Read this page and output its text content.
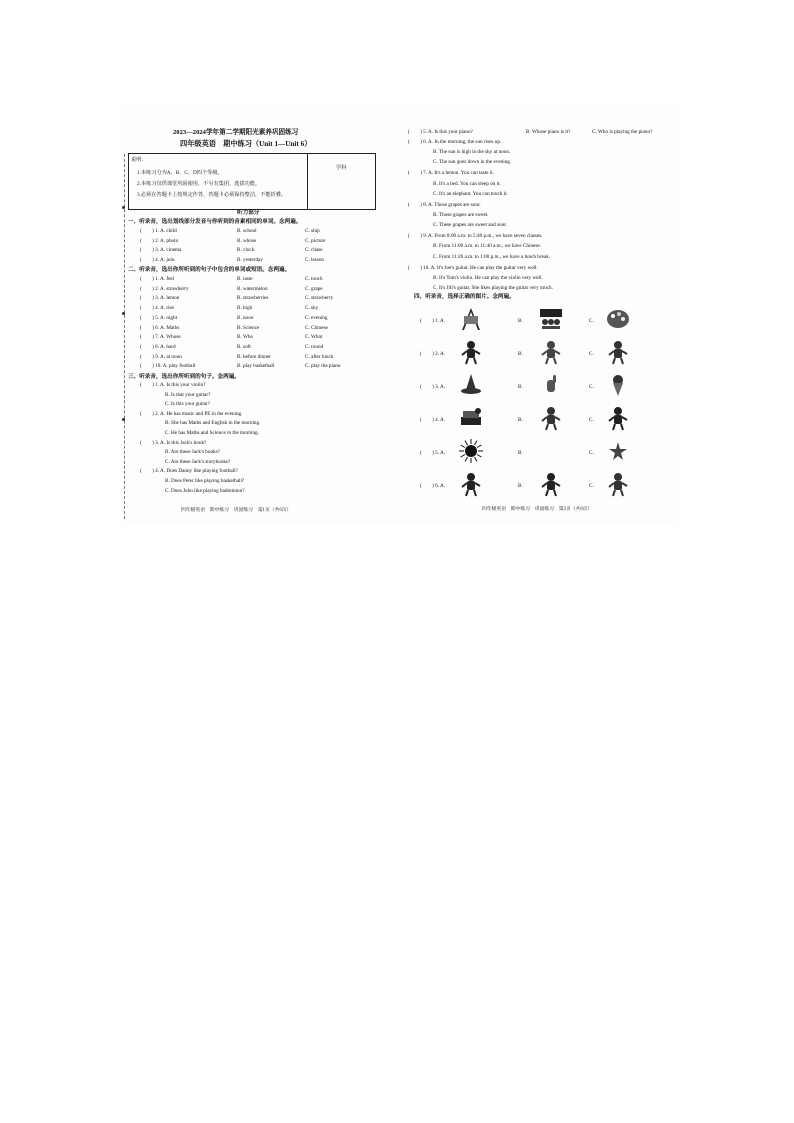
2023—2024学年第二学期阳光素养巩固练习
四年级英语　期中练习（Unit 1—Unit 6）
说明：
1.本练习分为A、B、C、D四个等级。
2.本练习仅供课堂巩固使用，不另有集团，选拔功能。
3.必须在答题卡上按规定作答，答题卡必须保持整洁，不能折叠。
学科
听力部分
一、听录音，选出划线部分发音与你听到的音素相同的单词。念两遍。
(　　) 1. A. child	B. school	C. ship
(　　) 2. A. photo	B. whose	C. picture
(　　) 3. A. cinema	B. clock	C. chase
(　　) 4. A. join	B. yesterday	C. lesson
二、听录音，选出你所听到的句子中包含的单词或短语。念两遍。
(　　) 1. A. feel	B. taste	C. touch
(　　) 2. A. strawberry	B. watermelon	C. grape
(　　) 3. A. lemon	B. strawberries	C. strawberry
(　　) 4. A. rise	B. high	C. sky
(　　) 5. A. night	B. noon	C. evening
(　　) 6. A. Maths	B. Science	C. Chinese
(　　) 7. A. Whose	B. Who	C. What
(　　) 8. A. hard	B. soft	C. round
(　　) 9. A. at noon	B. before dinner	C. after lunch
(　　) 10. A. play football	B. play basketball	C. play the piano
三、听录音，选出你所听到的句子。念两遍。
(　　) 1. A. Is this your violin?
B. Is that your guitar?
C. Is this your guitar?
(　　) 2. A. He has music and PE in the evening.
B. She has Maths and English in the morning.
C. He has Maths and Science in the morning.
(　　) 3. A. Is this Jack's book?
B. Are these Jack's books?
C. Are these Jack's storybooks?
(　　) 4. A. Does Danny like playing football?
B. Does Peter like playing basketball?
C. Does John like playing badminton?
四年级英语　期中练习　巩固练习　第1页（共6页）
(　　) 5. A. Is this your piano?	B. Whose piano is it?	C. Who is playing the piano?
(　　) 6. A. In the morning, the sun rises up.
B. The sun is high in the sky at noon.
C. The sun goes down in the evening.
(　　) 7. A. It's a lemon. You can taste it.
B. It's a bed. You can sleep on it.
C. It's an elephant. You can touch it.
(　　) 8. A. Those grapes are sour.
B. Those grapes are sweet.
C. These grapes are sweet and sour.
(　　) 9. A. From 8:00 a.m. to 5:40 p.m., we have seven classes.
B. From 11:00 a.m. to 11:40 a.m., we have Chinese.
C. From 11:20 a.m. to 1:00 p.m., we have a lunch break.
(　　) 10. A. It's Joe's guitar. He can play the guitar very well.
B. It's Tom's violin. He can play the violin very well.
C. It's Jill's guitar. She likes playing the guitar very much.
四、听录音，选择正确的图片。念两遍。
(　　) 1. A.	B.	C.
(　　) 2. A.	B.	C.
(　　) 3. A.	B.	C.
(　　) 4. A.	B.	C.
(　　) 5. A.	B.	C.
(　　) 6. A.	B.	C.
四年级英语　期中练习　巩固练习　第2页（共6页）
